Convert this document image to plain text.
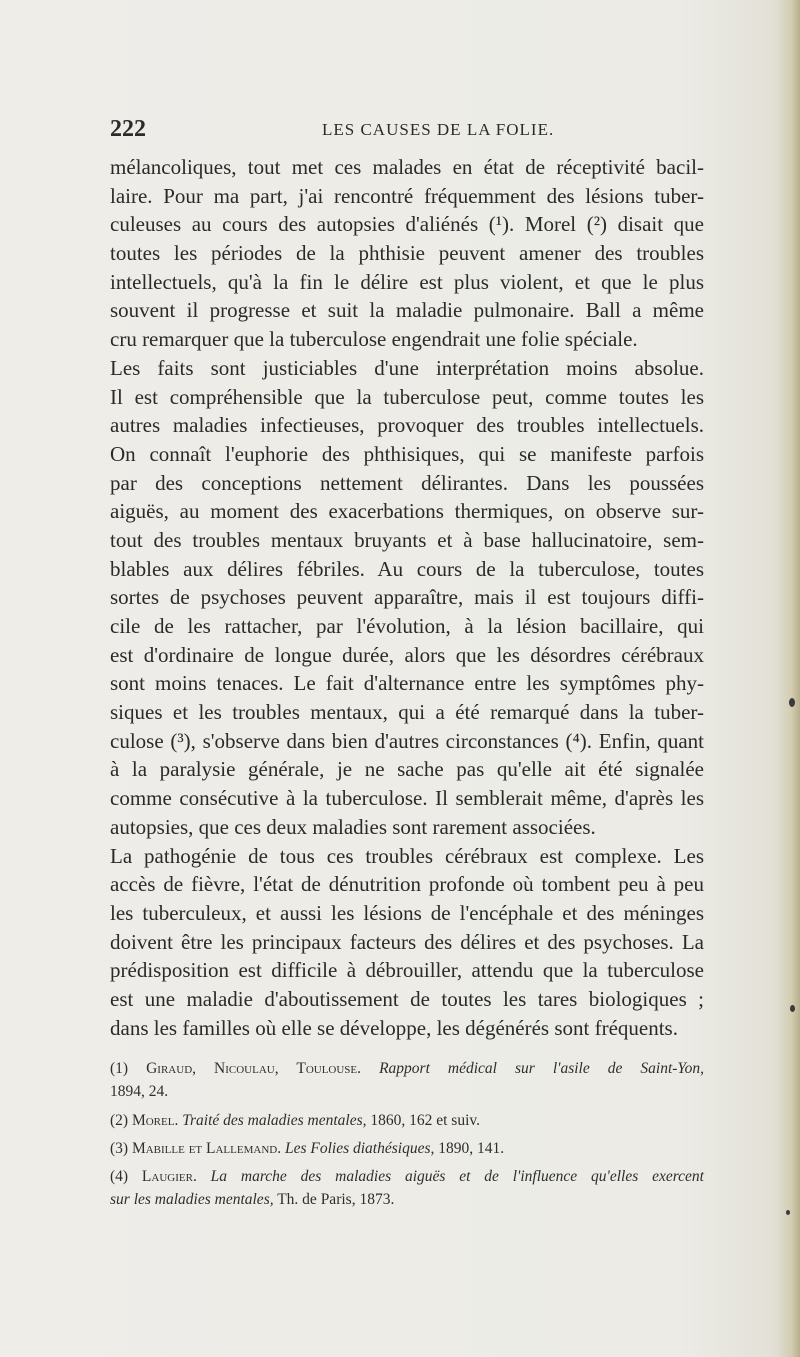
222	LES CAUSES DE LA FOLIE.
mélancoliques, tout met ces malades en état de réceptivité bacil-
laire. Pour ma part, j'ai rencontré fréquemment des lésions tuber-
culeuses au cours des autopsies d'aliénés (¹). Morel (²) disait que
toutes les périodes de la phthisie peuvent amener des troubles
intellectuels, qu'à la fin le délire est plus violent, et que le plus
souvent il progresse et suit la maladie pulmonaire. Ball a même
cru remarquer que la tuberculose engendrait une folie spéciale.
Les faits sont justiciables d'une interprétation moins absolue.
Il est compréhensible que la tuberculose peut, comme toutes les
autres maladies infectieuses, provoquer des troubles intellectuels.
On connaît l'euphorie des phthisiques, qui se manifeste parfois
par des conceptions nettement délirantes. Dans les poussées
aiguës, au moment des exacerbations thermiques, on observe sur-
tout des troubles mentaux bruyants et à base hallucinatoire, sem-
blables aux délires fébriles. Au cours de la tuberculose, toutes
sortes de psychoses peuvent apparaître, mais il est toujours diffi-
cile de les rattacher, par l'évolution, à la lésion bacillaire, qui
est d'ordinaire de longue durée, alors que les désordres cérébraux
sont moins tenaces. Le fait d'alternance entre les symptômes phy-
siques et les troubles mentaux, qui a été remarqué dans la tuber-
culose (³), s'observe dans bien d'autres circonstances (⁴). Enfin, quant
à la paralysie générale, je ne sache pas qu'elle ait été signalée
comme consécutive à la tuberculose. Il semblerait même, d'après les
autopsies, que ces deux maladies sont rarement associées.
La pathogénie de tous ces troubles cérébraux est complexe. Les
accès de fièvre, l'état de dénutrition profonde où tombent peu à peu
les tuberculeux, et aussi les lésions de l'encéphale et des méninges
doivent être les principaux facteurs des délires et des psychoses. La
prédisposition est difficile à débrouiller, attendu que la tuberculose
est une maladie d'aboutissement de toutes les tares biologiques ;
dans les familles où elle se développe, les dégénérés sont fréquents.
(1) Giraud, Nicoulau, Toulouse. Rapport médical sur l'asile de Saint-Yon,
1894, 24.
(2) Morel. Traité des maladies mentales, 1860, 162 et suiv.
(3) Mabille et Lallemand. Les Folies diathésiques, 1890, 141.
(4) Laugier. La marche des maladies aiguës et de l'influence qu'elles exercent
sur les maladies mentales, Th. de Paris, 1873.
